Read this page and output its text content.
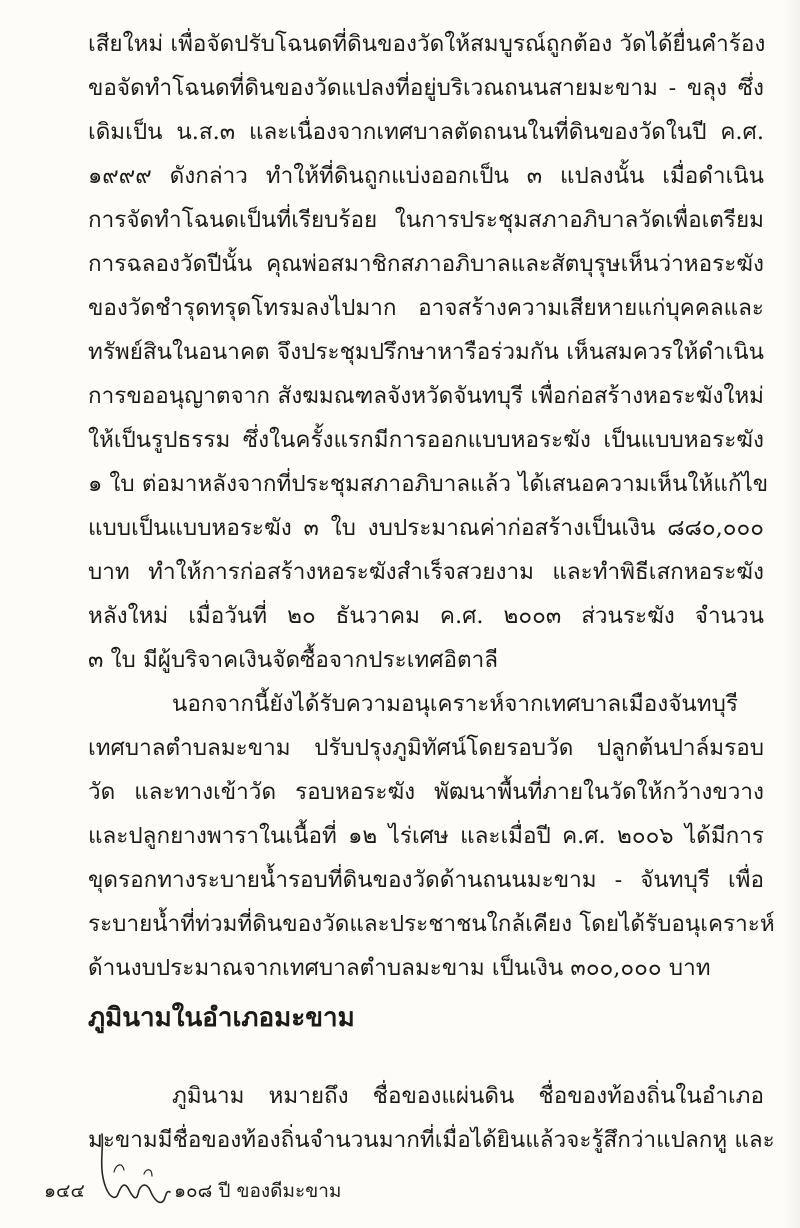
เสียใหม่ เพื่อจัดปรับโฉนดที่ดินของวัดให้สมบูรณ์ถูกต้อง วัดได้ยื่นคำร้อง
ขอจัดทำโฉนดที่ดินของวัดแปลงที่อยู่บริเวณถนนสายมะขาม - ขลุง ซึ่ง
เดิมเป็น น.ส.๓ และเนื่องจากเทศบาลตัดถนนในที่ดินของวัดในปี ค.ศ.
๑๙๙๙ ดังกล่าว ทำให้ที่ดินถูกแบ่งออกเป็น ๓ แปลงนั้น เมื่อดำเนิน
การจัดทำโฉนดเป็นที่เรียบร้อย ในการประชุมสภาอภิบาลวัดเพื่อเตรียม
การฉลองวัดปีนั้น คุณพ่อสมาชิกสภาอภิบาลและสัตบุรุษเห็นว่าหอระฆัง
ของวัดชำรุดทรุดโทรมลงไปมาก อาจสร้างความเสียหายแก่บุคคลและ
ทรัพย์สินในอนาคต จึงประชุมปรึกษาหารือร่วมกัน เห็นสมควรให้ดำเนิน
การขออนุญาตจาก สังฆมณฑลจังหวัดจันทบุรี เพื่อก่อสร้างหอระฆังใหม่
ให้เป็นรูปธรรม ซึ่งในครั้งแรกมีการออกแบบหอระฆัง เป็นแบบหอระฆัง
๑ ใบ ต่อมาหลังจากที่ประชุมสภาอภิบาลแล้ว ได้เสนอความเห็นให้แก้ไข
แบบเป็นแบบหอระฆัง ๓ ใบ งบประมาณค่าก่อสร้างเป็นเงิน ๘๘๐,๐๐๐
บาท ทำให้การก่อสร้างหอระฆังสำเร็จสวยงาม และทำพิธีเสกหอระฆัง
หลังใหม่ เมื่อวันที่ ๒๐ ธันวาคม ค.ศ. ๒๐๐๓ ส่วนระฆัง จำนวน
๓ ใบ มีผู้บริจาคเงินจัดซื้อจากประเทศอิตาลี
นอกจากนี้ยังได้รับความอนุเคราะห์จากเทศบาลเมืองจันทบุรี
เทศบาลตำบลมะขาม ปรับปรุงภูมิทัศน์โดยรอบวัด ปลูกต้นปาล์มรอบ
วัด และทางเข้าวัด รอบหอระฆัง พัฒนาพื้นที่ภายในวัดให้กว้างขวาง
และปลูกยางพาราในเนื้อที่ ๑๒ ไร่เศษ และเมื่อปี ค.ศ. ๒๐๐๖ ได้มีการ
ขุดรอกทางระบายน้ำรอบที่ดินของวัดด้านถนนมะขาม - จันทบุรี เพื่อ
ระบายน้ำที่ท่วมที่ดินของวัดและประชาชนใกล้เคียง โดยได้รับอนุเคราะห์
ด้านงบประมาณจากเทศบาลตำบลมะขาม เป็นเงิน ๓๐๐,๐๐๐ บาท
ภูมินาม หมายถึง ชื่อของแผ่นดิน ชื่อของท้องถิ่นในอำเภอ
มะขามมีชื่อของท้องถิ่นจำนวนมากที่เมื่อได้ยินแล้วจะรู้สึกว่าแปลกหู และ
ภูมินามในอำเภอมะขาม
๑๔๔	๑๐๘ ปี ของดีมะขาม
